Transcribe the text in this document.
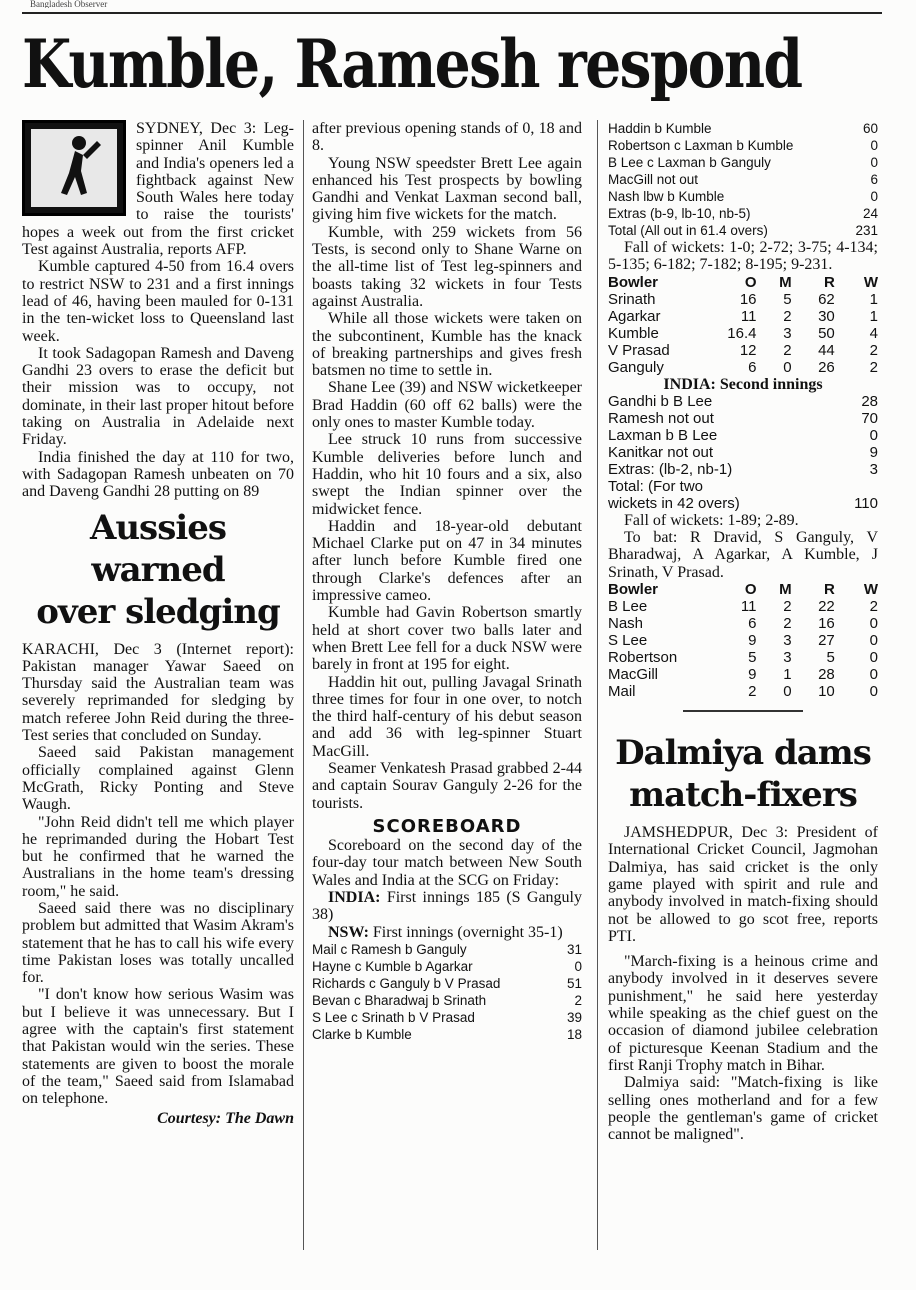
Bangladesh Observer
Kumble, Ramesh respond

SYDNEY, Dec 3: Leg-spinner Anil Kumble and India's openers led a fightback against New South Wales here today to raise the tourists' hopes a week out from the first cricket Test against Australia, reports AFP.

Kumble captured 4-50 from 16.4 overs to restrict NSW to 231 and a first innings lead of 46, having been mauled for 0-131 in the ten-wicket loss to Queensland last week.

It took Sadagopan Ramesh and Daveng Gandhi 23 overs to erase the deficit but their mission was to occupy, not dominate, in their last proper hitout before taking on Australia in Adelaide next Friday.

India finished the day at 110 for two, with Sadagopan Ramesh unbeaten on 70 and Daveng Gandhi 28 putting on 89

Aussies warned
over sledging

KARACHI, Dec 3 (Internet report): Pakistan manager Yawar Saeed on Thursday said the Australian team was severely reprimanded for sledging by match referee John Reid during the three-Test series that concluded on Sunday.

Saeed said Pakistan management officially complained against Glenn McGrath, Ricky Ponting and Steve Waugh.

"John Reid didn't tell me which player he reprimanded during the Hobart Test but he confirmed that he warned the Australians in the home team's dressing room," he said.

Saeed said there was no disciplinary problem but admitted that Wasim Akram's statement that he has to call his wife every time Pakistan loses was totally uncalled for.

"I don't know how serious Wasim was but I believe it was unnecessary. But I agree with the captain's first statement that Pakistan would win the series. These statements are given to boost the morale of the team," Saeed said from Islamabad on telephone.

Courtesy: The Dawn

after previous opening stands of 0, 18 and 8.

Young NSW speedster Brett Lee again enhanced his Test prospects by bowling Gandhi and Venkat Laxman second ball, giving him five wickets for the match.

Kumble, with 259 wickets from 56 Tests, is second only to Shane Warne on the all-time list of Test leg-spinners and boasts taking 32 wickets in four Tests against Australia.

While all those wickets were taken on the subcontinent, Kumble has the knack of breaking partnerships and gives fresh batsmen no time to settle in.

Shane Lee (39) and NSW wicketkeeper Brad Haddin (60 off 62 balls) were the only ones to master Kumble today.

Lee struck 10 runs from successive Kumble deliveries before lunch and Haddin, who hit 10 fours and a six, also swept the Indian spinner over the midwicket fence.

Haddin and 18-year-old debutant Michael Clarke put on 47 in 34 minutes after lunch before Kumble fired one through Clarke's defences after an impressive cameo.

Kumble had Gavin Robertson smartly held at short cover two balls later and when Brett Lee fell for a duck NSW were barely in front at 195 for eight.

Haddin hit out, pulling Javagal Srinath three times for four in one over, to notch the third half-century of his debut season and add 36 with leg-spinner Stuart MacGill.

Seamer Venkatesh Prasad grabbed 2-44 and captain Sourav Ganguly 2-26 for the tourists.

SCOREBOARD

Scoreboard on the second day of the four-day tour match between New South Wales and India at the SCG on Friday:

INDIA: First innings 185 (S Ganguly 38)

NSW: First innings (overnight 35-1)

Mail c Ramesh b Ganguly	31
Hayne c Kumble b Agarkar	0
Richards c Ganguly b V Prasad	51
Bevan c Bharadwaj b Srinath	2
S Lee c Srinath b V Prasad	39
Clarke b Kumble	18
Haddin b Kumble	60
Robertson c Laxman b Kumble	0
B Lee c Laxman b Ganguly	0
MacGill not out	6
Nash lbw b Kumble	0
Extras (b-9, lb-10, nb-5)	24
Total (All out in 61.4 overs)	231

Fall of wickets: 1-0; 2-72; 3-75; 4-134; 5-135; 6-182; 7-182; 8-195; 9-231.

Bowler	O	M	R	W
Srinath	16	5	62	1
Agarkar	11	2	30	1
Kumble	16.4	3	50	4
V Prasad	12	2	44	2
Ganguly	6	0	26	2

INDIA: Second innings

Gandhi b B Lee	28
Ramesh not out	70
Laxman b B Lee	0
Kanitkar not out	9
Extras: (lb-2, nb-1)	3
Total: (For two
wickets in 42 overs)	110

Fall of wickets: 1-89; 2-89.

To bat: R Dravid, S Ganguly, V Bharadwaj, A Agarkar, A Kumble, J Srinath, V Prasad.

Bowler	O	M	R	W
B Lee	11	2	22	2
Nash	6	2	16	0
S Lee	9	3	27	0
Robertson	5	3	5	0
MacGill	9	1	28	0
Mail	2	0	10	0
Dalmiya dams
match-fixers

JAMSHEDPUR, Dec 3: President of International Cricket Council, Jagmohan Dalmiya, has said cricket is the only game played with spirit and rule and anybody involved in match-fixing should not be allowed to go scot free, reports PTI.

"March-fixing is a heinous crime and anybody involved in it deserves severe punishment," he said here yesterday while speaking as the chief guest on the occasion of diamond jubilee celebration of picturesque Keenan Stadium and the first Ranji Trophy match in Bihar.

Dalmiya said: "Match-fixing is like selling ones motherland and for a few people the gentleman's game of cricket cannot be maligned".
